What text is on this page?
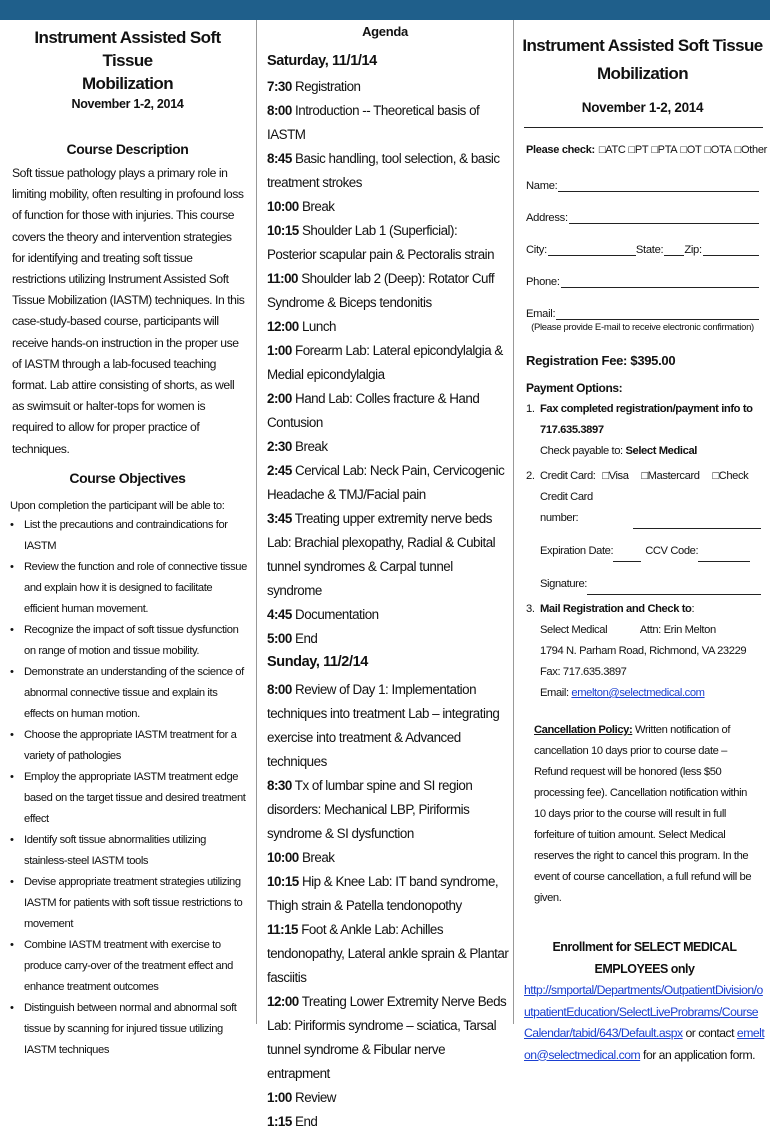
Instrument Assisted Soft Tissue
Mobilization
November 1-2, 2014
Course Description
Soft tissue pathology plays a primary role in limiting mobility, often resulting in profound loss of function for those with injuries. This course covers the theory and intervention strategies for identifying and treating soft tissue restrictions utilizing Instrument Assisted Soft Tissue Mobilization (IASTM) techniques. In this case-study-based course, participants will receive hands-on instruction in the proper use of IASTM through a lab-focused teaching format. Lab attire consisting of shorts, as well as swimsuit or halter-tops for women is required to allow for proper practice of techniques.
Course Objectives
Upon completion the participant will be able to:
• List the precautions and contraindications for IASTM
• Review the function and role of connective tissue and explain how it is designed to facilitate efficient human movement.
• Recognize the impact of soft tissue dysfunction on range of motion and tissue mobility.
• Demonstrate an understanding of the science of abnormal connective tissue and explain its effects on human motion.
• Choose the appropriate IASTM treatment for a variety of pathologies
• Employ the appropriate IASTM treatment edge based on the target tissue and desired treatment effect
• Identify soft tissue abnormalities utilizing stainless-steel IASTM tools
• Devise appropriate treatment strategies utilizing IASTM for patients with soft tissue restrictions to movement
• Combine IASTM treatment with exercise to produce carry-over of the treatment effect and enhance treatment outcomes
• Distinguish between normal and abnormal soft tissue by scanning for injured tissue utilizing IASTM techniques
Agenda
Saturday, 11/1/14
7:30 Registration
8:00 Introduction -- Theoretical basis of IASTM
8:45 Basic handling, tool selection, & basic treatment strokes
10:00 Break
10:15 Shoulder Lab 1 (Superficial): Posterior scapular pain & Pectoralis strain
11:00 Shoulder lab 2 (Deep): Rotator Cuff Syndrome & Biceps tendonitis
12:00 Lunch
1:00 Forearm Lab: Lateral epicondylalgia & Medial epicondylalgia
2:00 Hand Lab: Colles fracture & Hand Contusion
2:30 Break
2:45 Cervical Lab: Neck Pain, Cervicogenic Headache & TMJ/Facial pain
3:45 Treating upper extremity nerve beds Lab: Brachial plexopathy, Radial & Cubital tunnel syndromes & Carpal tunnel syndrome
4:45 Documentation
5:00 End
Sunday, 11/2/14
8:00 Review of Day 1: Implementation techniques into treatment Lab – integrating exercise into treatment & Advanced techniques
8:30 Tx of lumbar spine and SI region disorders: Mechanical LBP, Piriformis syndrome & SI dysfunction
10:00 Break
10:15 Hip & Knee Lab: IT band syndrome, Thigh strain & Patella tendonopothy
11:15 Foot & Ankle Lab: Achilles tendonopathy, Lateral ankle sprain & Plantar fasciitis
12:00 Treating Lower Extremity Nerve Beds Lab: Piriformis syndrome – sciatica, Tarsal tunnel syndrome & Fibular nerve entrapment
1:00 Review
1:15 End
Instrument Assisted Soft Tissue
Mobilization
November 1-2, 2014
Please check: □ATC □PT □PTA □OT □OTA □Other
Name:
Address:
City:	State: Zip:
Phone:
Email:
(Please provide E-mail to receive electronic confirmation)
Registration Fee: $395.00
Payment Options:
1. Fax completed registration/payment info to
717.635.3897
Check payable to: Select Medical
2. Credit Card: □Visa □Mastercard □Check
Credit Card number:
Expiration Date:	CCV Code:
Signature:
3. Mail Registration and Check to:
Select Medical	Attn: Erin Melton
1794 N. Parham Road, Richmond, VA 23229
Fax: 717.635.3897
Email: emelton@selectmedical.com
Cancellation Policy: Written notification of cancellation 10 days prior to course date – Refund request will be honored (less $50 processing fee). Cancellation notification within 10 days prior to the course will result in full forfeiture of tuition amount. Select Medical reserves the right to cancel this program. In the event of course cancellation, a full refund will be given.
Enrollment for SELECT MEDICAL EMPLOYEES only
http://smportal/Departments/OutpatientDivision/outpatientEducation/SelectLiveProbrams/CourseCalendar/tabid/643/Default.aspx or contact emelton@selectmedical.com for an application form.
